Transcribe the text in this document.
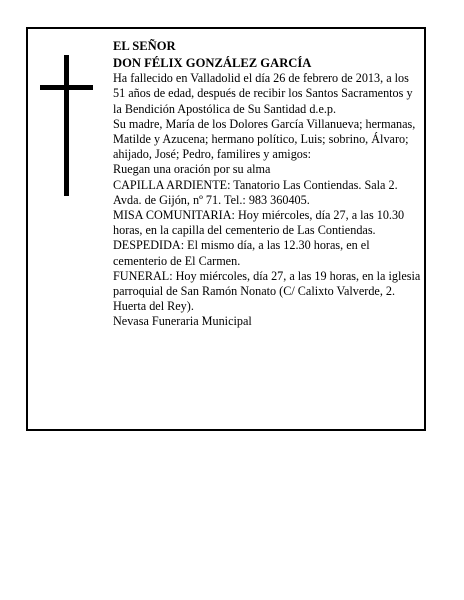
EL SEÑOR

DON FÉLIX GONZÁLEZ GARCÍA

Ha fallecido en Valladolid el día 26 de febrero de 2013, a los 51 años de edad, después de recibir los Santos Sacramentos y la Bendición Apostólica de Su Santidad d.e.p.

Su madre, María de los Dolores García Villanueva; hermanas, Matilde y Azucena; hermano político, Luis; sobrino, Álvaro; ahijado, José; Pedro, familires y amigos:

Ruegan una oración por su alma

CAPILLA ARDIENTE: Tanatorio Las Contiendas. Sala 2. Avda. de Gijón, nº 71. Tel.: 983 360405.

MISA COMUNITARIA: Hoy miércoles, día 27, a las 10.30 horas, en la capilla del cementerio de Las Contiendas.

DESPEDIDA: El mismo día, a las 12.30 horas, en el cementerio de El Carmen.

FUNERAL: Hoy miércoles, día 27, a las 19 horas, en la iglesia parroquial de San Ramón Nonato (C/ Calixto Valverde, 2. Huerta del Rey).

Nevasa Funeraria Municipal
